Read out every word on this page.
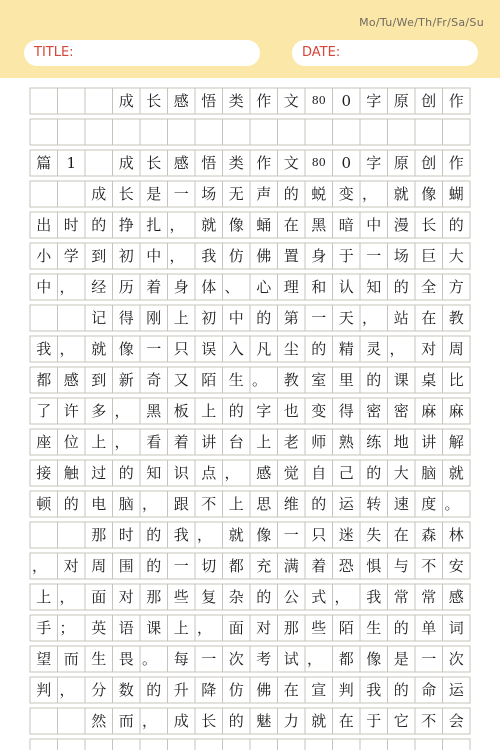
Mo/Tu/We/Th/Fr/Sa/Su
TITLE:	DATE:
成 长 感 悟 类 作 文	80	0	字 原 创 作
篇	1	成 长 感 悟 类 作 文	80	0	字 原 创 作
成 长 是 一 场 无 声 的 蜕 变 ，	就 像 蝴
出 时 的 挣 扎 ，	就 像 蛹 在 黑 暗 中 漫 长 的
小 学 到 初 中 ，	我 仿 佛 置 身 于 一 场 巨 大
中 ，	经 历 着 身 体 、	心 理 和 认 知 的 全 方
记 得 刚 上 初 中 的 第 一 天 ，	站 在 教
我 ，	就 像 一 只 误 入 凡 尘 的 精 灵 ，	对 周
都 感 到 新 奇 又 陌 生 。	教 室 里 的 课 桌 比
了 许 多 ，	黑 板 上 的 字 也 变 得 密 密 麻 麻
座 位 上 ，	看 着 讲 台 上 老 师 熟 练 地 讲 解
接 触 过 的 知 识 点 ，	感 觉 自 己 的 大 脑 就
顿 的 电 脑 ，	跟 不 上 思 维 的 运 转 速 度 。
那 时 的 我 ，	就 像 一 只 迷 失 在 森 林
，	对 周 围 的 一 切 都 充 满 着 恐 惧 与 不 安
上 ，	面 对 那 些 复 杂 的 公 式 ，	我 常 常 感
手 ；	英 语 课 上 ，	面 对 那 些 陌 生 的 单 词
望 而 生 畏 。	每 一 次 考 试 ，	都 像 是 一 次
判 ，	分 数 的 升 降 仿 佛 在 宣 判 我 的 命 运
然 而 ，	成 长 的 魅 力 就 在 于 它 不 会
